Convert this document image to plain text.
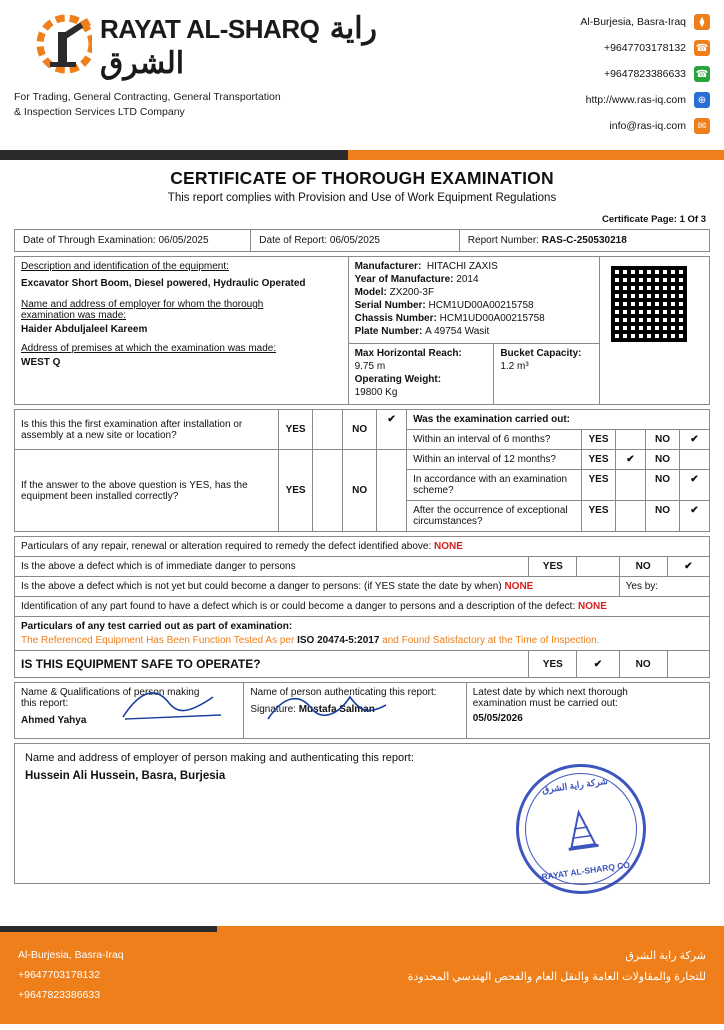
RAYAT AL-SHARQ راية الشرق
For Trading, General Contracting, General Transportation
& Inspection Services LTD Company
Al-Burjesia, Basra-Iraq	⧫
+9647703178132 ☎
+9647823386633 ☎
http://www.ras-iq.com	⊕
info@ras-iq.com	✉
CERTIFICATE OF THOROUGH EXAMINATION
This report complies with Provision and Use of Work Equipment Regulations
Certificate Page: 1 Of 3
Date of Through Examination: 06/05/2025	Date of Report: 06/05/2025	Report Number: RAS-C-250530218
Description and identification of the equipment:
Excavator Short Boom, Diesel powered, Hydraulic Operated
Name and address of employer for whom the thorough
examination was made:
Haider Abduljaleel Kareem
Address of premises at which the examination was made:
WEST Q

Manufacturer: HITACHI ZAXIS

Year of Manufacture: 2014

Model: ZX200-3F

Serial Number: HCM1UD00A00215758

Chassis Number: HCM1UD00A00215758

Plate Number: A 49754 Wasit

Max Horizontal Reach:

9.75 m

Operating Weight:

19800 Kg

Bucket Capacity:

1.2 m³

Is this this the first examination after installation or assembly at a new site or location?	YES		NO	✔	Was the examination carried out:				
					Within an interval of 6 months?	YES		NO	✔
If the answer to the above question is YES, has the equipment been installed correctly?	YES		NO		Within an interval of 12 months?	YES	✔	NO	
					In accordance with an examination scheme?	YES		NO	✔
					After the occurrence of exceptional circumstances?	YES		NO	✔
Particulars of any repair, renewal or alteration required to remedy the defect identified above: NONE				
Is the above a defect which is of immediate danger to persons	YES		NO	✔
Is the above a defect which is not yet but could become a danger to persons: (if YES state the date by when) NONE			Yes by:	
Identification of any part found to have a defect which is or could become a danger to persons and a description of the defect: NONE				

Particulars of any test carried out as part of examination:
The Referenced Equipment Has Been Function Tested As per ISO 20474-5:2017 and Found Satisfactory at the Time of Inspection.				

IS THIS EQUIPMENT SAFE TO OPERATE?	YES	✔	NO	
Name & Qualifications of person making
this report:
Ahmed Yahya

Name of person authenticating this report:
Signature: Mustafa Salman

Latest date by which next thorough
examination must be carried out:
05/05/2026
Name and address of employer of person making and authenticating this report:
Hussein Ali Hussein, Basra, Burjesia	شركة راية الشرق
RAYAT AL-SHARQ CO.
Al-Burjesia, Basra-Iraq
+9647703178132
+9647823386633
شركة راية الشرق
للتجارة والمقاولات العامة والنقل العام والفحص الهندسي المحدودة
